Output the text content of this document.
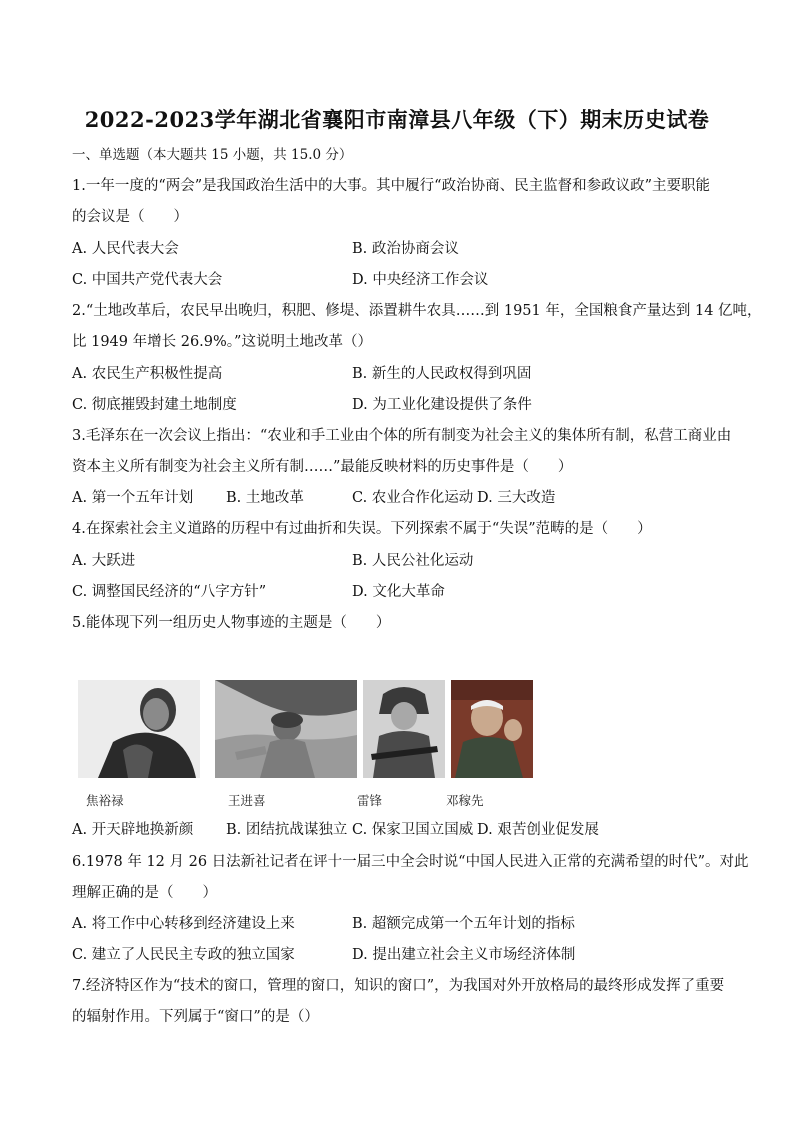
2022-2023学年湖北省襄阳市南漳县八年级（下）期末历史试卷
一、单选题（本大题共 15 小题，共 15.0 分）
1.一年一度的“两会”是我国政治生活中的大事。其中履行“政治协商、民主监督和参政议政”主要职能
的会议是（　　）
A. 人民代表大会	B. 政治协商会议
C. 中国共产党代表大会	D. 中央经济工作会议
2.“土地改革后，农民早出晚归，积肥、修堤、添置耕牛农具……到 1951 年，全国粮食产量达到 14 亿吨，
比 1949 年增长 26.9%。”这说明土地改革（）
A. 农民生产积极性提高	B. 新生的人民政权得到巩固
C. 彻底摧毁封建土地制度	D. 为工业化建设提供了条件
3.毛泽东在一次会议上指出：“农业和手工业由个体的所有制变为社会主义的集体所有制，私营工商业由
资本主义所有制变为社会主义所有制……”最能反映材料的历史事件是（　　）
A. 第一个五年计划 B. 土地改革	C. 农业合作化运动 D. 三大改造
4.在探索社会主义道路的历程中有过曲折和失误。下列探索不属于“失误”范畴的是（　　）
A. 大跃进	B. 人民公社化运动
C. 调整国民经济的“八字方针”	D. 文化大革命
5.能体现下列一组历史人物事迹的主题是（　　）
焦裕禄	王进喜	雷锋	邓稼先
A. 开天辟地换新颜 B. 团结抗战谋独立 C. 保家卫国立国威 D. 艰苦创业促发展
6.1978 年 12 月 26 日法新社记者在评十一届三中全会时说“中国人民进入正常的充满希望的时代”。对此
理解正确的是（　　）
A. 将工作中心转移到经济建设上来	B. 超额完成第一个五年计划的指标
C. 建立了人民民主专政的独立国家	D. 提出建立社会主义市场经济体制
7.经济特区作为“技术的窗口，管理的窗口，知识的窗口”，为我国对外开放格局的最终形成发挥了重要
的辐射作用。下列属于“窗口”的是（）
